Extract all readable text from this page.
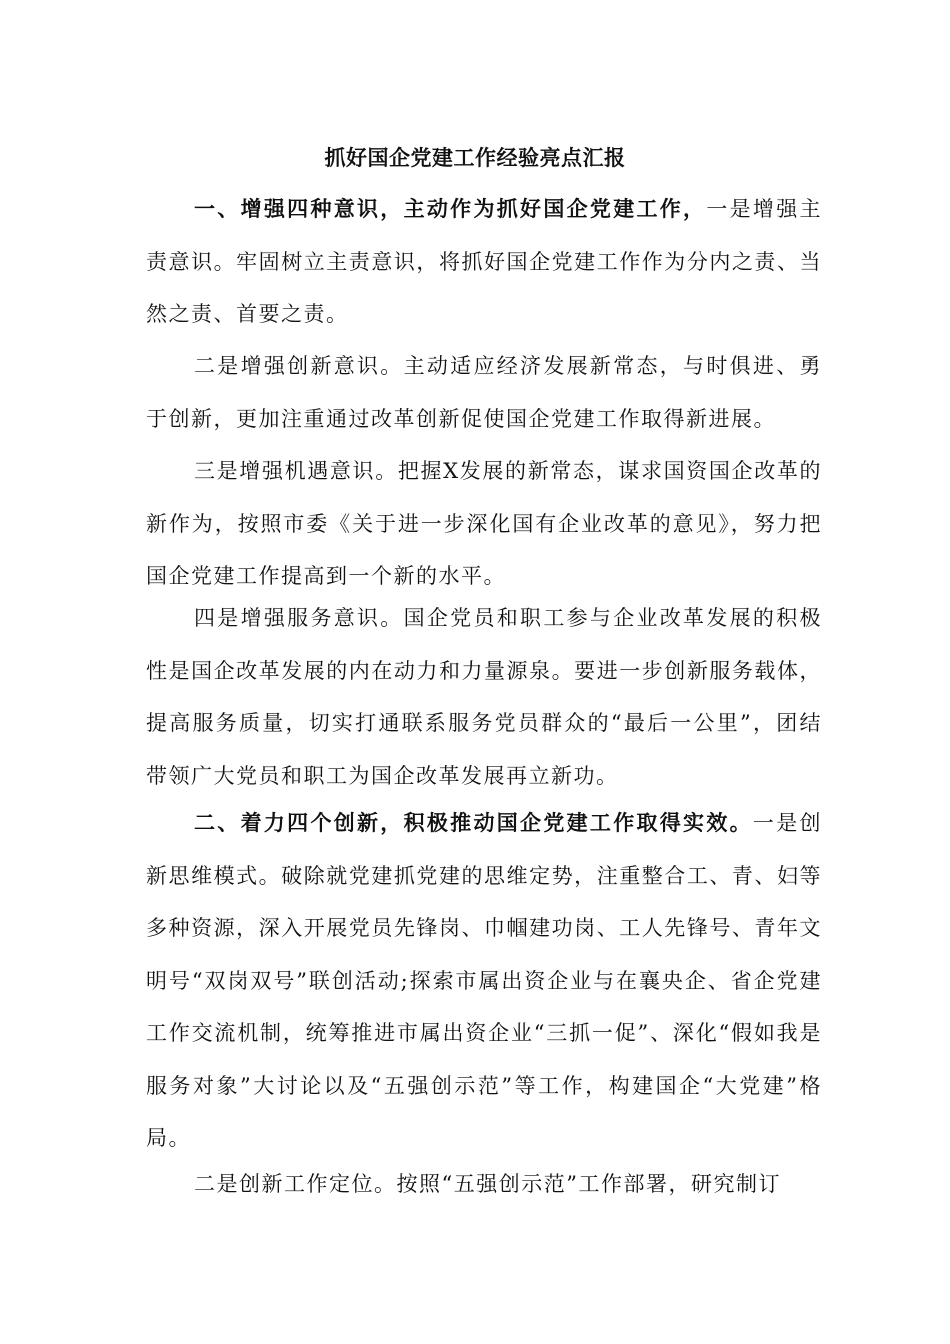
抓好国企党建工作经验亮点汇报

一、增强四种意识，主动作为抓好国企党建工作，一是增强主责意识。牢固树立主责意识，将抓好国企党建工作作为分内之责、当然之责、首要之责。

二是增强创新意识。主动适应经济发展新常态，与时俱进、勇于创新，更加注重通过改革创新促使国企党建工作取得新进展。

三是增强机遇意识。把握X发展的新常态，谋求国资国企改革的新作为，按照市委《关于进一步深化国有企业改革的意见》，努力把国企党建工作提高到一个新的水平。

四是增强服务意识。国企党员和职工参与企业改革发展的积极性是国企改革发展的内在动力和力量源泉。要进一步创新服务载体，提高服务质量，切实打通联系服务党员群众的“最后一公里”，团结带领广大党员和职工为国企改革发展再立新功。

二、着力四个创新，积极推动国企党建工作取得实效。一是创新思维模式。破除就党建抓党建的思维定势，注重整合工、青、妇等多种资源，深入开展党员先锋岗、巾帼建功岗、工人先锋号、青年文明号“双岗双号”联创活动;探索市属出资企业与在襄央企、省企党建工作交流机制，统筹推进市属出资企业“三抓一促”、深化“假如我是服务对象”大讨论以及“五强创示范”等工作，构建国企“大党建”格局。

二是创新工作定位。按照“五强创示范”工作部署，研究制订
